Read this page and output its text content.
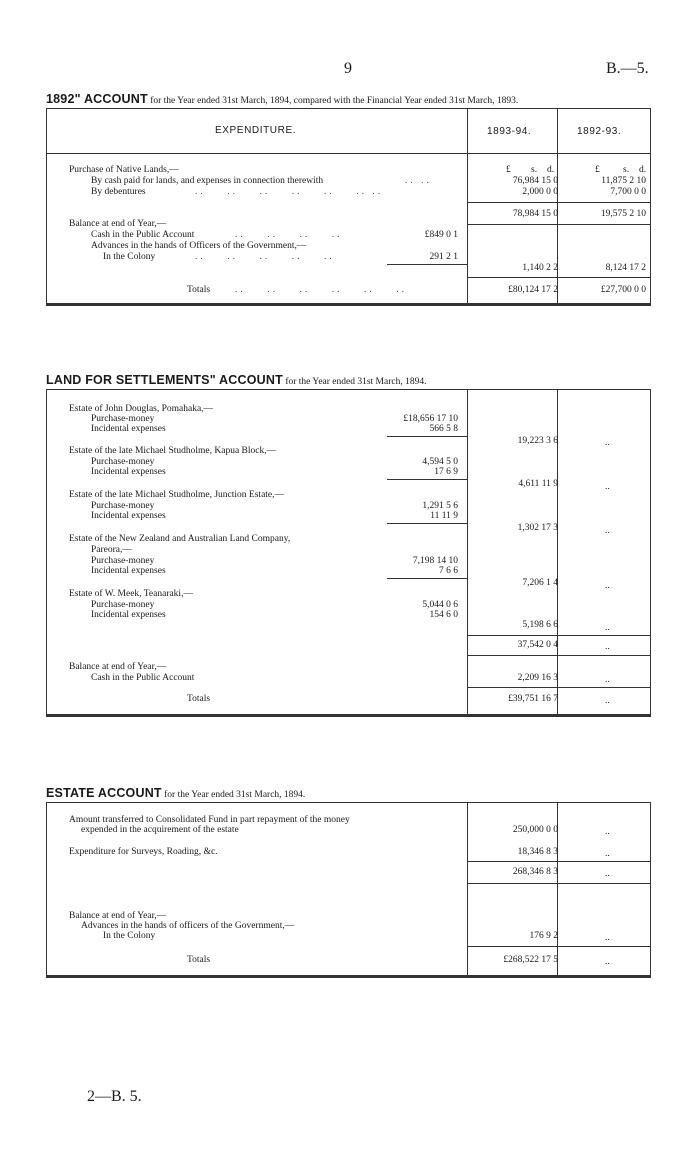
9	B.—5.
1892" ACCOUNT for the Year ended 31st March, 1894, compared with the Financial Year ended 31st March, 1893.
EXPENDITURE.	1893-94.	1892-93.
£ s. d.	£ s. d.
Purchase of Native Lands,—
By cash paid for lands, and expenses in connection therewith	.. ..	76,984 15 0	11,875 2 10
By debentures	..    ..    ..    ..    ..    .. ..	2,000 0 0	7,700 0 0
78,984 15 0	19,575 2 10
Balance at end of Year,—
Cash in the Public Account	..    ..    ..    ..	£849 0 1
Advances in the hands of Officers of the Government,—
In the Colony	..    ..    ..    ..    ..	291 2 1
1,140 2 2	8,124 17 2
Totals	..    ..    ..    ..    ..    ..	£80,124 17 2	£27,700 0 0
LAND FOR SETTLEMENTS" ACCOUNT for the Year ended 31st March, 1894.
Estate of John Douglas, Pomahaka,—
Purchase-money	£18,656 17 10
Incidental expenses	566 5 8
19,223 3 6	..
Estate of the late Michael Studholme, Kapua Block,—
Purchase-money	4,594 5 0
Incidental expenses	17 6 9
4,611 11 9	..
Estate of the late Michael Studholme, Junction Estate,—
Purchase-money	1,291 5 6
Incidental expenses	11 11 9
1,302 17 3	..
Estate of the New Zealand and Australian Land Company,
Pareora,—
Purchase-money	7,198 14 10
Incidental expenses	7 6 6
7,206 1 4	..
Estate of W. Meek, Teanaraki,—
Purchase-money	5,044 0 6
Incidental expenses	154 6 0
5,198 6 6	..
37,542 0 4	..
Balance at end of Year,—
Cash in the Public Account	2,209 16 3	..
Totals	£39,751 16 7	..
ESTATE ACCOUNT for the Year ended 31st March, 1894.
Amount transferred to Consolidated Fund in part repayment of the money
expended in the acquirement of the estate	250,000 0 0	..
Expenditure for Surveys, Roading, &c.	18,346 8 3	..
268,346 8 3	..
Balance at end of Year,—
Advances in the hands of officers of the Government,—
In the Colony	176 9 2	..
Totals	£268,522 17 5	..
2—B. 5.
